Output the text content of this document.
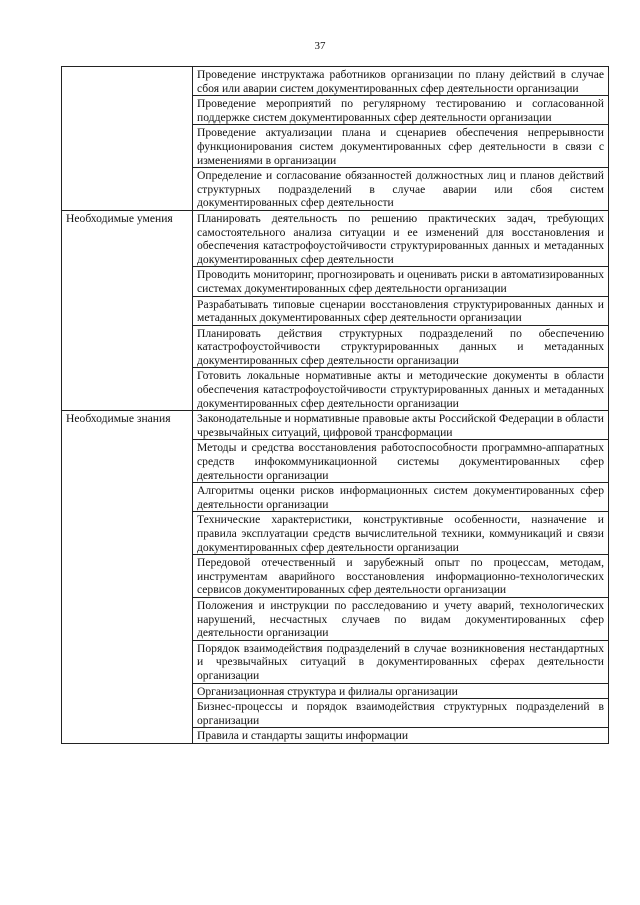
37
	Проведение инструктажа работников организации по плану действий в случае сбоя или аварии систем документированных сфер деятельности организации
	Проведение мероприятий по регулярному тестированию и согласованной поддержке систем документированных сфер деятельности организации
	Проведение актуализации плана и сценариев обеспечения непрерывности функционирования систем документированных сфер деятельности в связи с изменениями в организации
	Определение и согласование обязанностей должностных лиц и планов действий структурных подразделений в случае аварии или сбоя систем документированных сфер деятельности
Необходимые умения	Планировать деятельность по решению практических задач, требующих самостоятельного анализа ситуации и ее изменений для восстановления и обеспечения катастрофоустойчивости структурированных данных и метаданных документированных сфер деятельности
	Проводить мониторинг, прогнозировать и оценивать риски в автоматизированных системах документированных сфер деятельности организации
	Разрабатывать типовые сценарии восстановления структурированных данных и метаданных документированных сфер деятельности организации
	Планировать действия структурных подразделений по обеспечению катастрофоустойчивости структурированных данных и метаданных документированных сфер деятельности организации
	Готовить локальные нормативные акты и методические документы в области обеспечения катастрофоустойчивости структурированных данных и метаданных документированных сфер деятельности организации
Необходимые знания	Законодательные и нормативные правовые акты Российской Федерации в области чрезвычайных ситуаций, цифровой трансформации
	Методы и средства восстановления работоспособности программно-аппаратных средств инфокоммуникационной системы документированных сфер деятельности организации
	Алгоритмы оценки рисков информационных систем документированных сфер деятельности организации
	Технические характеристики, конструктивные особенности, назначение и правила эксплуатации средств вычислительной техники, коммуникаций и связи документированных сфер деятельности организации
	Передовой отечественный и зарубежный опыт по процессам, методам, инструментам аварийного восстановления информационно-технологических сервисов документированных сфер деятельности организации
	Положения и инструкции по расследованию и учету аварий, технологических нарушений, несчастных случаев по видам документированных сфер деятельности организации
	Порядок взаимодействия подразделений в случае возникновения нестандартных и чрезвычайных ситуаций в документированных сферах деятельности организации
	Организационная структура и филиалы организации
	Бизнес-процессы и порядок взаимодействия структурных подразделений в организации
	Правила и стандарты защиты информации
